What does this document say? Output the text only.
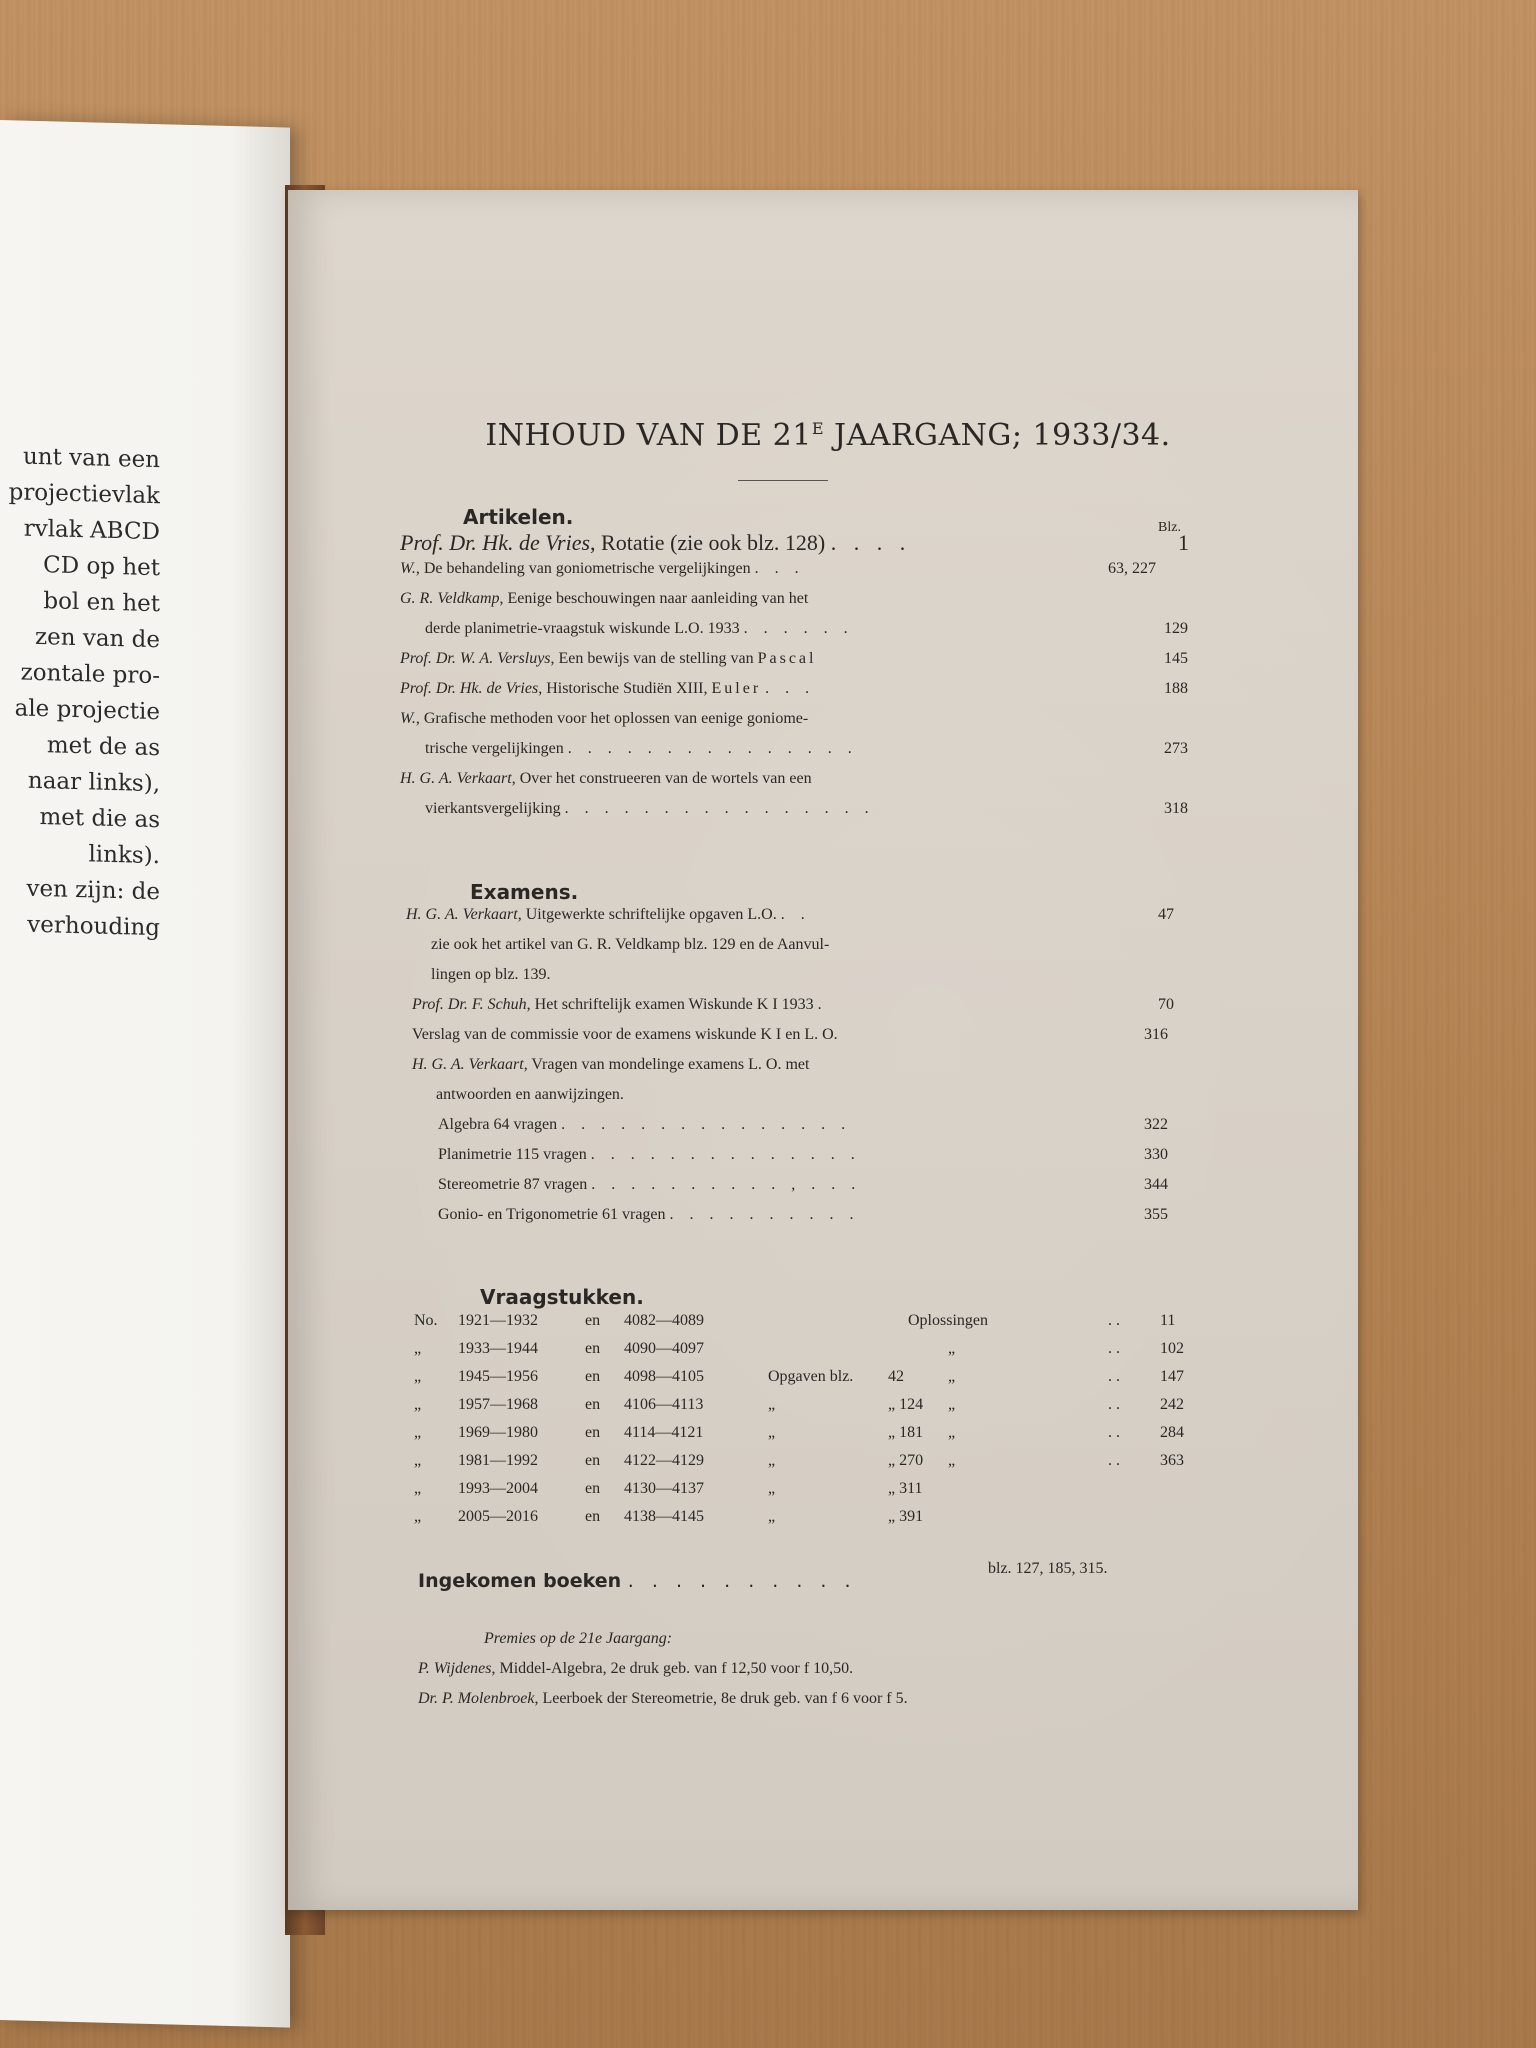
unt van een
projectievlak
rvlak ABCD
CD op het
bol en het
zen van de
zontale pro-
ale projectie
met de as
naar links),
met die as
links).
ven zijn: de
verhouding
INHOUD VAN DE $21^E$ JAARGANG; 1933/34.
Artikelen.	Blz.
Prof. Dr. Hk. de Vries, Rotatie (zie ook blz. 128) . . . .	1
W., De behandeling van goniometrische vergelijkingen . . .	63, 227
G. R. Veldkamp, Eenige beschouwingen naar aanleiding van het
derde planimetrie-vraagstuk wiskunde L.O. 1933 . . . . . .	129
Prof. Dr. W. A. Versluys, Een bewijs van de stelling van Pascal	145
Prof. Dr. Hk. de Vries, Historische Studiën XIII, Euler . . .	188
W., Grafische methoden voor het oplossen van eenige goniome-
trische vergelijkingen . . . . . . . . . . . . . . .	273
H. G. A. Verkaart, Over het construeeren van de wortels van een
vierkantsvergelijking . . . . . . . . . . . . . . . .	318
Examens.
H. G. A. Verkaart, Uitgewerkte schriftelijke opgaven L.O. . .	47
zie ook het artikel van G. R. Veldkamp blz. 129 en de Aanvul-
lingen op blz. 139.
Prof. Dr. F. Schuh, Het schriftelijk examen Wiskunde K I 1933 .	70
Verslag van de commissie voor de examens wiskunde K I en L. O.	316
H. G. A. Verkaart, Vragen van mondelinge examens L. O. met
antwoorden en aanwijzingen.
Algebra 64 vragen . . . . . . . . . . . . . . .	322
Planimetrie 115 vragen . . . . . . . . . . . . . .	330
Stereometrie 87 vragen . . . . . . . . . . , . . .	344
Gonio- en Trigonometrie 61 vragen . . . . . . . . . .	355
Vraagstukken.
No. 1921—1932	en 4082—4089	Oplossingen	. .	11
„ 1933—1944	en 4090—4097	„	. .	102
„ 1945—1956	en 4098—4105	Opgaven blz. 42	„	. .	147
„ 1957—1968	en 4106—4113	„	„ 124 „	. .	242
„ 1969—1980	en 4114—4121	„	„ 181 „	. .	284
„ 1981—1992	en 4122—4129	„	„ 270 „	. .	363
„ 1993—2004	en 4130—4137	„	„ 311
„ 2005—2016	en 4138—4145	„	„ 391
Ingekomen boeken . . . . . . . . . .
blz. 127, 185, 315.
Premies op de 21e Jaargang:
P. Wijdenes, Middel-Algebra, 2e druk geb. van f 12,50 voor f 10,50.
Dr. P. Molenbroek, Leerboek der Stereometrie, 8e druk geb. van f 6 voor f 5.
